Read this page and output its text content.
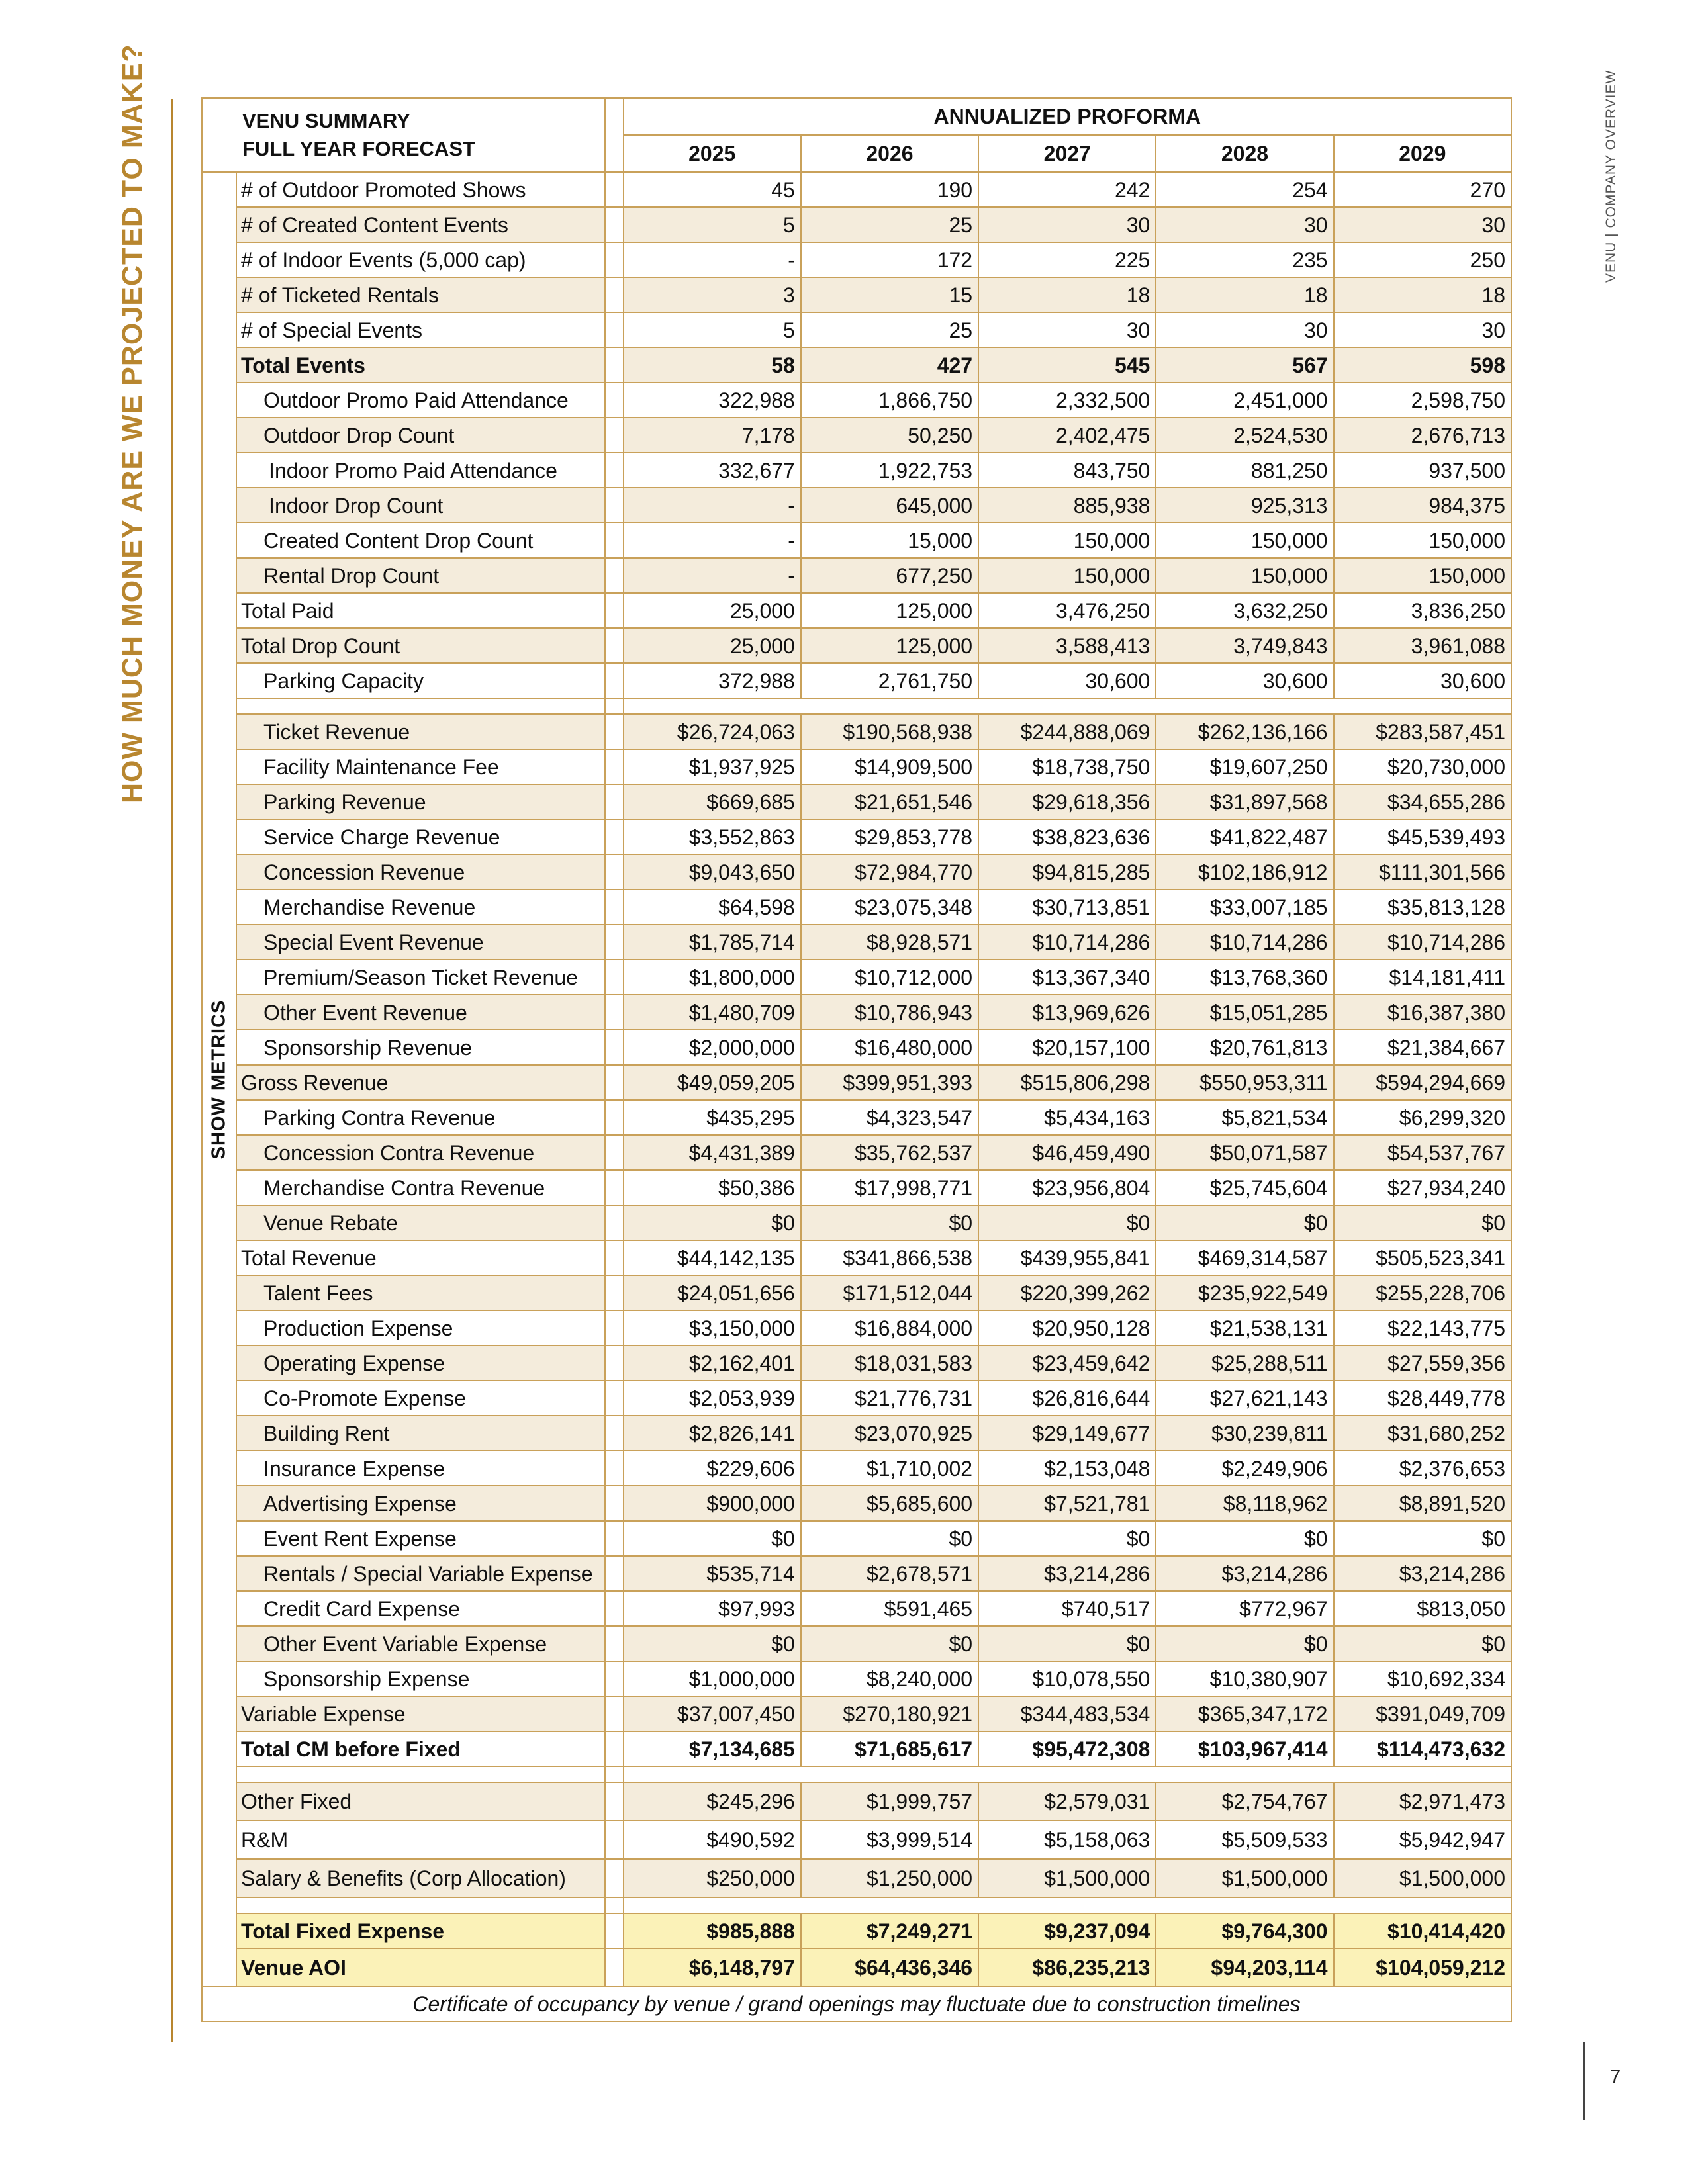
HOW MUCH MONEY ARE WE PROJECTED TO MAKE?	VENU | COMPANY OVERVIEW
7
VENU SUMMARY
FULL YEAR FORECAST			ANNUALIZED PROFORMA				
			2025	2026	2027	2028	2029

SHOW METRICS	# of Outdoor Promoted Shows		45	190	242	254	270
	# of Created Content Events		5	25	30	30	30
	# of Indoor Events (5,000 cap)		-	172	225	235	250
	# of Ticketed Rentals		3	15	18	18	18
	# of Special Events		5	25	30	30	30
	Total Events		58	427	545	567	598
	Outdoor Promo Paid Attendance		322,988	1,866,750	2,332,500	2,451,000	2,598,750
	Outdoor Drop Count		7,178	50,250	2,402,475	2,524,530	2,676,713
	Indoor Promo Paid Attendance		332,677	1,922,753	843,750	881,250	937,500
	Indoor Drop Count		-	645,000	885,938	925,313	984,375
	Created Content Drop Count		-	15,000	150,000	150,000	150,000
	Rental Drop Count		-	677,250	150,000	150,000	150,000
	Total Paid		25,000	125,000	3,476,250	3,632,250	3,836,250
	Total Drop Count		25,000	125,000	3,588,413	3,749,843	3,961,088
	Parking Capacity		372,988	2,761,750	30,600	30,600	30,600

	Ticket Revenue		$26,724,063	$190,568,938	$244,888,069	$262,136,166	$283,587,451
	Facility Maintenance Fee		$1,937,925	$14,909,500	$18,738,750	$19,607,250	$20,730,000
	Parking Revenue		$669,685	$21,651,546	$29,618,356	$31,897,568	$34,655,286
	Service Charge Revenue		$3,552,863	$29,853,778	$38,823,636	$41,822,487	$45,539,493
	Concession Revenue		$9,043,650	$72,984,770	$94,815,285	$102,186,912	$111,301,566
	Merchandise Revenue		$64,598	$23,075,348	$30,713,851	$33,007,185	$35,813,128
	Special Event Revenue		$1,785,714	$8,928,571	$10,714,286	$10,714,286	$10,714,286
	Premium/Season Ticket Revenue		$1,800,000	$10,712,000	$13,367,340	$13,768,360	$14,181,411
	Other Event Revenue		$1,480,709	$10,786,943	$13,969,626	$15,051,285	$16,387,380
	Sponsorship Revenue		$2,000,000	$16,480,000	$20,157,100	$20,761,813	$21,384,667
	Gross Revenue		$49,059,205	$399,951,393	$515,806,298	$550,953,311	$594,294,669
	Parking Contra Revenue		$435,295	$4,323,547	$5,434,163	$5,821,534	$6,299,320
	Concession Contra Revenue		$4,431,389	$35,762,537	$46,459,490	$50,071,587	$54,537,767
	Merchandise Contra Revenue		$50,386	$17,998,771	$23,956,804	$25,745,604	$27,934,240
	Venue Rebate		$0	$0	$0	$0	$0
	Total Revenue		$44,142,135	$341,866,538	$439,955,841	$469,314,587	$505,523,341
	Talent Fees		$24,051,656	$171,512,044	$220,399,262	$235,922,549	$255,228,706
	Production Expense		$3,150,000	$16,884,000	$20,950,128	$21,538,131	$22,143,775
	Operating Expense		$2,162,401	$18,031,583	$23,459,642	$25,288,511	$27,559,356
	Co-Promote Expense		$2,053,939	$21,776,731	$26,816,644	$27,621,143	$28,449,778
	Building Rent		$2,826,141	$23,070,925	$29,149,677	$30,239,811	$31,680,252
	Insurance Expense		$229,606	$1,710,002	$2,153,048	$2,249,906	$2,376,653
	Advertising Expense		$900,000	$5,685,600	$7,521,781	$8,118,962	$8,891,520
	Event Rent Expense		$0	$0	$0	$0	$0
	Rentals / Special Variable Expense		$535,714	$2,678,571	$3,214,286	$3,214,286	$3,214,286
	Credit Card Expense		$97,993	$591,465	$740,517	$772,967	$813,050
	Other Event Variable Expense		$0	$0	$0	$0	$0
	Sponsorship Expense		$1,000,000	$8,240,000	$10,078,550	$10,380,907	$10,692,334
	Variable Expense		$37,007,450	$270,180,921	$344,483,534	$365,347,172	$391,049,709
	Total CM before Fixed		$7,134,685	$71,685,617	$95,472,308	$103,967,414	$114,473,632

	Other Fixed		$245,296	$1,999,757	$2,579,031	$2,754,767	$2,971,473
	R&M		$490,592	$3,999,514	$5,158,063	$5,509,533	$5,942,947
	Salary & Benefits (Corp Allocation)		$250,000	$1,250,000	$1,500,000	$1,500,000	$1,500,000

	Total Fixed Expense		$985,888	$7,249,271	$9,237,094	$9,764,300	$10,414,420
	Venue AOI		$6,148,797	$64,436,346	$86,235,213	$94,203,114	$104,059,212
Certificate of occupancy by venue / grand openings may fluctuate due to construction timelines							
